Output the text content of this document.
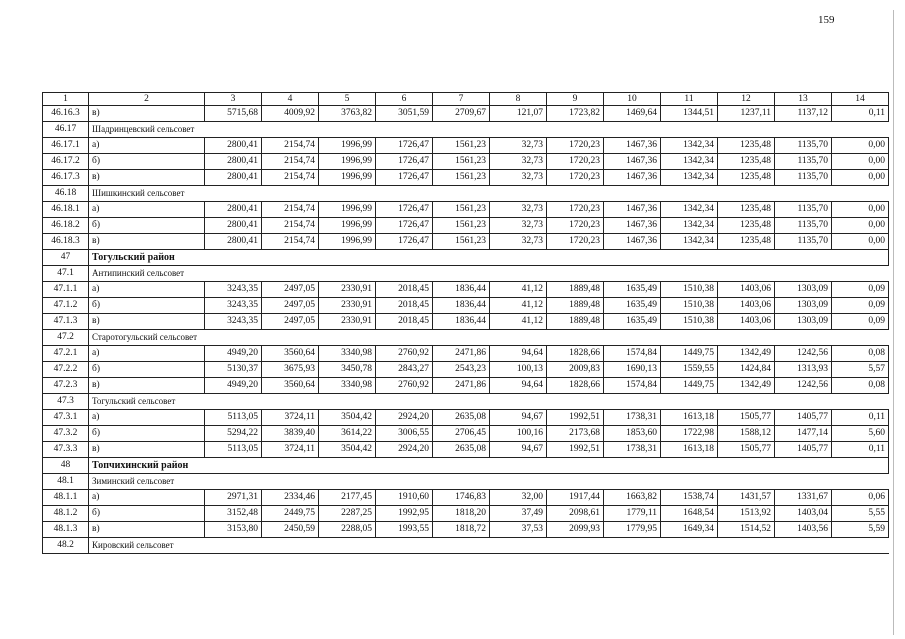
159
1	2	3	4	5	6	7	8	9	10	11	12	13	14
46.16.3	в)	5715,68	4009,92	3763,82	3051,59	2709,67	121,07	1723,82	1469,64	1344,51	1237,11	1137,12	0,11
46.17	Шадринцевский сельсовет												
46.17.1	а)	2800,41	2154,74	1996,99	1726,47	1561,23	32,73	1720,23	1467,36	1342,34	1235,48	1135,70	0,00
46.17.2	б)	2800,41	2154,74	1996,99	1726,47	1561,23	32,73	1720,23	1467,36	1342,34	1235,48	1135,70	0,00
46.17.3	в)	2800,41	2154,74	1996,99	1726,47	1561,23	32,73	1720,23	1467,36	1342,34	1235,48	1135,70	0,00
46.18	Шишкинский сельсовет												
46.18.1	а)	2800,41	2154,74	1996,99	1726,47	1561,23	32,73	1720,23	1467,36	1342,34	1235,48	1135,70	0,00
46.18.2	б)	2800,41	2154,74	1996,99	1726,47	1561,23	32,73	1720,23	1467,36	1342,34	1235,48	1135,70	0,00
46.18.3	в)	2800,41	2154,74	1996,99	1726,47	1561,23	32,73	1720,23	1467,36	1342,34	1235,48	1135,70	0,00
47	Тогульский район												
47.1	Антипинский сельсовет												
47.1.1	а)	3243,35	2497,05	2330,91	2018,45	1836,44	41,12	1889,48	1635,49	1510,38	1403,06	1303,09	0,09
47.1.2	б)	3243,35	2497,05	2330,91	2018,45	1836,44	41,12	1889,48	1635,49	1510,38	1403,06	1303,09	0,09
47.1.3	в)	3243,35	2497,05	2330,91	2018,45	1836,44	41,12	1889,48	1635,49	1510,38	1403,06	1303,09	0,09
47.2	Старотогульский сельсовет												
47.2.1	а)	4949,20	3560,64	3340,98	2760,92	2471,86	94,64	1828,66	1574,84	1449,75	1342,49	1242,56	0,08
47.2.2	б)	5130,37	3675,93	3450,78	2843,27	2543,23	100,13	2009,83	1690,13	1559,55	1424,84	1313,93	5,57
47.2.3	в)	4949,20	3560,64	3340,98	2760,92	2471,86	94,64	1828,66	1574,84	1449,75	1342,49	1242,56	0,08
47.3	Тогульский сельсовет												
47.3.1	а)	5113,05	3724,11	3504,42	2924,20	2635,08	94,67	1992,51	1738,31	1613,18	1505,77	1405,77	0,11
47.3.2	б)	5294,22	3839,40	3614,22	3006,55	2706,45	100,16	2173,68	1853,60	1722,98	1588,12	1477,14	5,60
47.3.3	в)	5113,05	3724,11	3504,42	2924,20	2635,08	94,67	1992,51	1738,31	1613,18	1505,77	1405,77	0,11
48	Топчихинский район												
48.1	Зиминский сельсовет												
48.1.1	а)	2971,31	2334,46	2177,45	1910,60	1746,83	32,00	1917,44	1663,82	1538,74	1431,57	1331,67	0,06
48.1.2	б)	3152,48	2449,75	2287,25	1992,95	1818,20	37,49	2098,61	1779,11	1648,54	1513,92	1403,04	5,55
48.1.3	в)	3153,80	2450,59	2288,05	1993,55	1818,72	37,53	2099,93	1779,95	1649,34	1514,52	1403,56	5,59
48.2	Кировский сельсовет												
